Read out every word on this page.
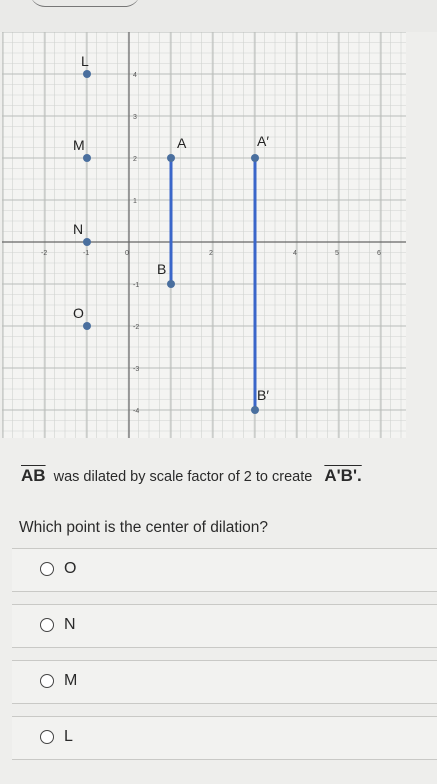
-2	-1	0	2	4	5	6
4
3
2
1
-1
-2
-3
-4
L
M
N
O
A
B
A′
B′
$\overline{AB}$ was dilated by scale factor of 2 to create A'B'.
Which point is the center of dilation?
O
N
M
L
